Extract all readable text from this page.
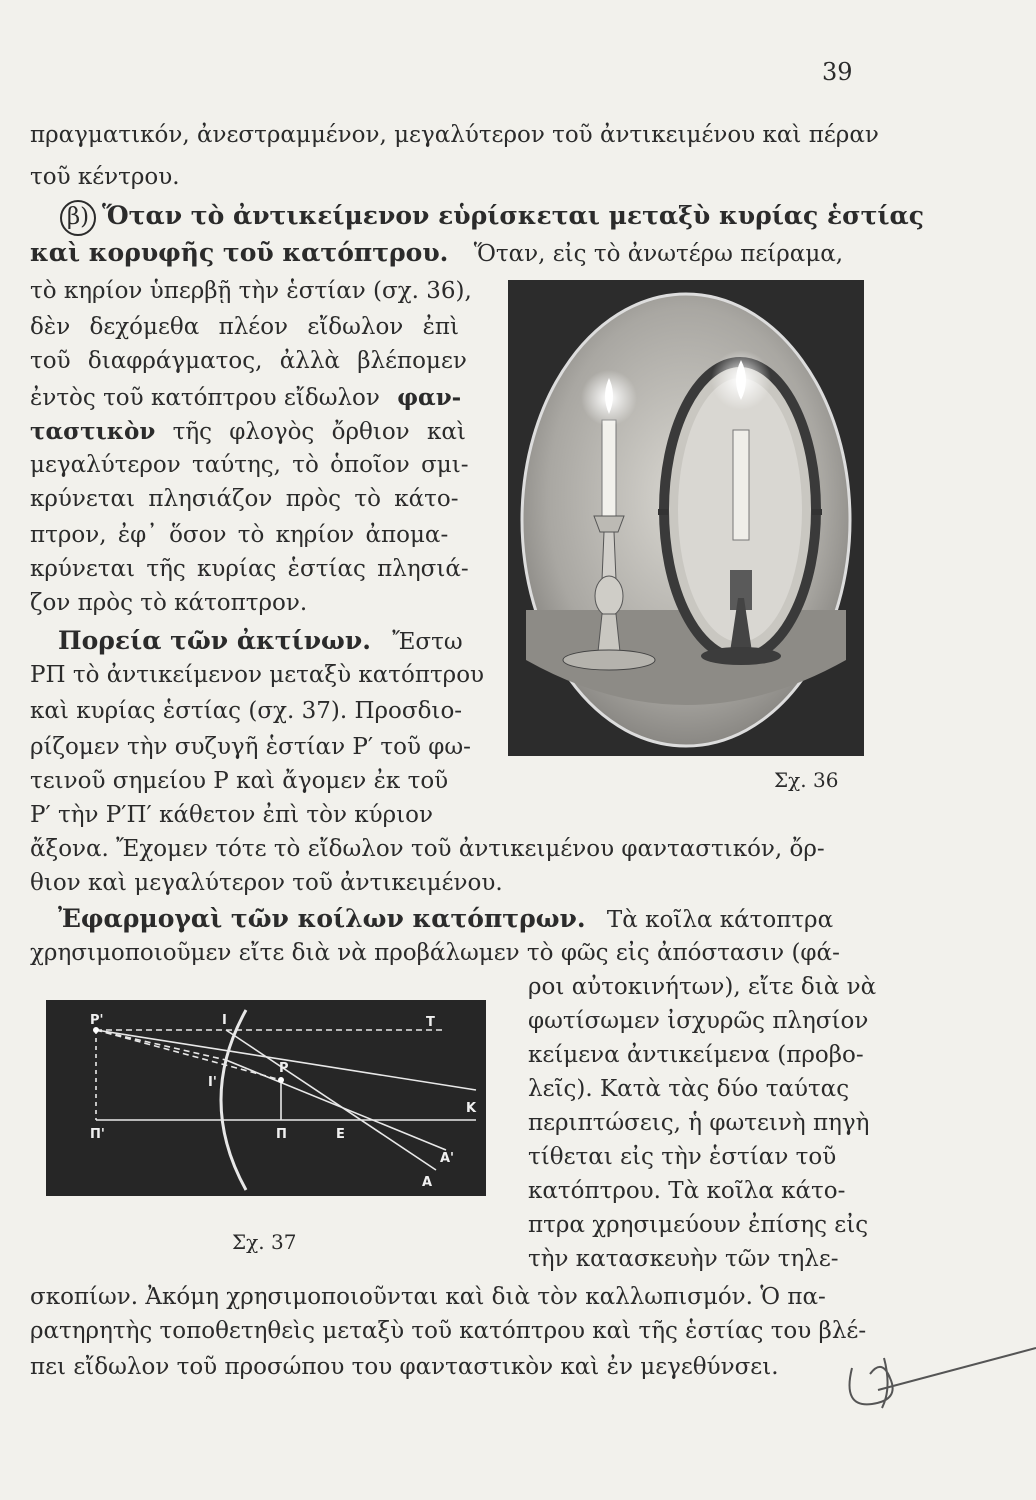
39
πραγματικόν, ἀνεστραμμένον, μεγαλύτερον τοῦ ἀντικειμένου καὶ πέραν
τοῦ κέντρου.
β) Ὅταν τὸ ἀντικείμενον εὑρίσκεται μεταξὺ κυρίας ἑστίας
καὶ κορυφῆς τοῦ κατόπτρου. Ὅταν, εἰς τὸ ἀνωτέρω πείραμα,
τὸ κηρίον ὑπερβῇ τὴν ἑστίαν (σχ. 36),
δὲν δεχόμεθα πλέον εἴδωλον ἐπὶ
τοῦ διαφράγματος, ἀλλὰ βλέπομεν
ἐντὸς τοῦ κατόπτρου εἴδωλον φαν-
ταστικὸν τῆς φλογὸς ὄρθιον καὶ
μεγαλύτερον ταύτης, τὸ ὁποῖον σμι-
κρύνεται πλησιάζον πρὸς τὸ κάτο-
πτρον, ἐφ᾽ ὅσον τὸ κηρίον ἀπομα-
κρύνεται τῆς κυρίας ἑστίας πλησιά-
ζον πρὸς τὸ κάτοπτρον.
Πορεία τῶν ἀκτίνων. Ἔστω
ΡΠ τὸ ἀντικείμενον μεταξὺ κατόπτρου
καὶ κυρίας ἑστίας (σχ. 37). Προσδιο-
ρίζομεν τὴν συζυγῆ ἑστίαν Ρ′ τοῦ φω-
τεινοῦ σημείου Ρ καὶ ἄγομεν ἐκ τοῦ
Ρ′ τὴν Ρ′Π′ κάθετον ἐπὶ τὸν κύριον
ἄξονα. Ἔχομεν τότε τὸ εἴδωλον τοῦ ἀντικειμένου φανταστικόν, ὄρ-
θιον καὶ μεγαλύτερον τοῦ ἀντικειμένου.
Ἐφαρμογαὶ τῶν κοίλων κατόπτρων. Τὰ κοῖλα κάτοπτρα
χρησιμοποιοῦμεν εἴτε διὰ νὰ προβάλωμεν τὸ φῶς εἰς ἀπόστασιν (φά-
ροι αὐτοκινήτων), εἴτε διὰ νὰ
φωτίσωμεν ἰσχυρῶς πλησίον
κείμενα ἀντικείμενα (προβο-
λεῖς). Κατὰ τὰς δύο ταύτας
περιπτώσεις, ἡ φωτεινὴ πηγὴ
τίθεται εἰς τὴν ἑστίαν τοῦ
κατόπτρου. Τὰ κοῖλα κάτο-
πτρα χρησιμεύουν ἐπίσης εἰς
τὴν κατασκευὴν τῶν τηλε-
σκοπίων. Ἀκόμη χρησιμοποιοῦνται καὶ διὰ τὸν καλλωπισμόν. Ὁ πα-
ρατηρητὴς τοποθετηθεὶς μεταξὺ τοῦ κατόπτρου καὶ τῆς ἑστίας του βλέ-
πει εἴδωλον τοῦ προσώπου του φανταστικὸν καὶ ἐν μεγεθύνσει.
Σχ. 36
Ρ'	Ι	Τ
Ρ
Ι'
Κ
Π'	Π	Ε
Α'
Α
Σχ. 37
